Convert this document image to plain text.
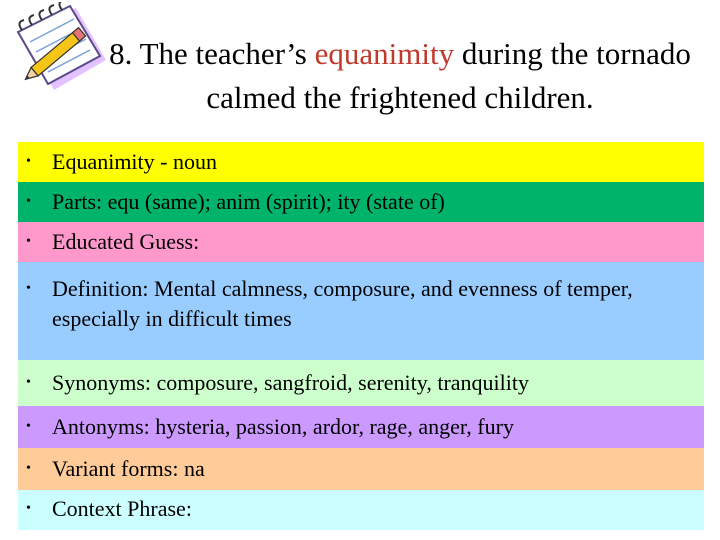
8. The teacher’s equanimity during the tornado calmed the frightened children.
• Equanimity - noun
• Parts: equ (same); anim (spirit); ity (state of)
• Educated Guess:
• Definition: Mental calmness, composure, and evenness of temper, especially in difficult times
• Synonyms: composure, sangfroid, serenity, tranquility
• Antonyms: hysteria, passion, ardor, rage, anger, fury
• Variant forms: na
• Context Phrase:
